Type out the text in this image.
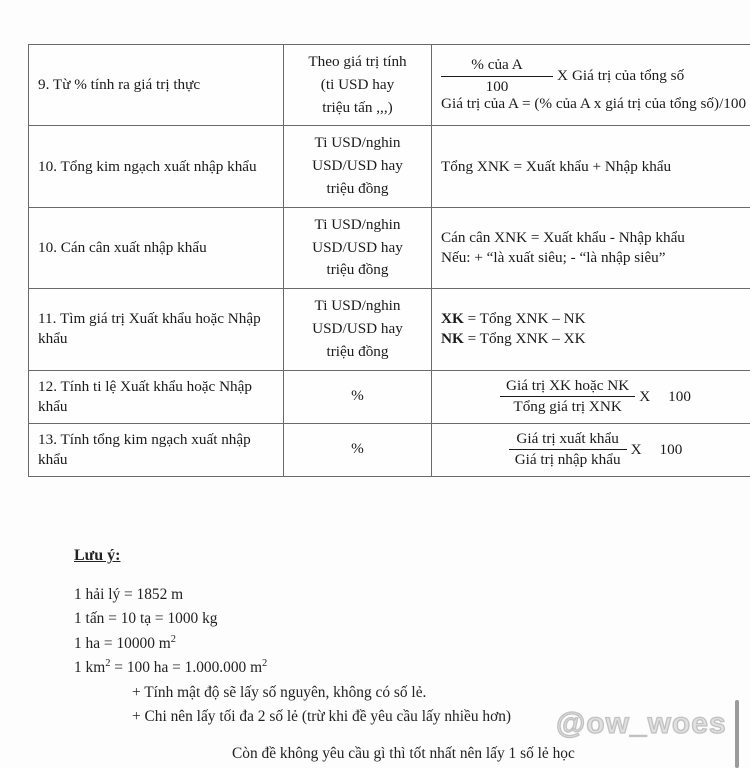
9. Từ % tính ra giá trị thực	Theo giá trị tính
(ti USD hay
triệu tấn ,,,)	$\frac{\text{\% của A}}{100}$ X Giá trị của tổng số
Giá trị của A = (% của A x giá trị của tổng số)/100

10. Tổng kim ngạch xuất nhập khẩu	Ti USD/nghin
USD/USD hay
triệu đồng	Tổng XNK = Xuất khẩu + Nhập khẩu

10. Cán cân xuất nhập khẩu	Ti USD/nghin
USD/USD hay
triệu đồng	Cán cân XNK = Xuất khẩu - Nhập khẩu
Nếu: + “là xuất siêu; - “là nhập siêu”

11. Tìm giá trị Xuất khẩu hoặc Nhập khẩu	Ti USD/nghin
USD/USD hay
triệu đồng	XK = Tổng XNK – NK
NK = Tổng XNK – XK

12. Tính ti lệ Xuất khẩu hoặc Nhập khẩu	%	$\frac{\text{Giá trị XK hoặc NK}}{\text{Tổng giá trị XNK}}$ X 100

13. Tính tổng kim ngạch xuất nhập khẩu	%	$\frac{\text{Giá trị xuất khẩu}}{\text{Giá trị nhập khẩu}}$ X 100
Lưu ý:
1 hải lý = 1852 m
1 tấn = 10 tạ = 1000 kg
1 ha = 10000 $m^2$
1 $km^2 = 100$ ha = 1.000.000 $m^2$
+ Tính mật độ sẽ lấy số nguyên, không có số lẻ.
+ Chi nên lấy tối đa 2 số lẻ (trừ khi đề yêu cầu lấy nhiều hơn)
Còn đề không yêu cầu gì thì tốt nhất nên lấy 1 số lẻ học
@ow_woes
